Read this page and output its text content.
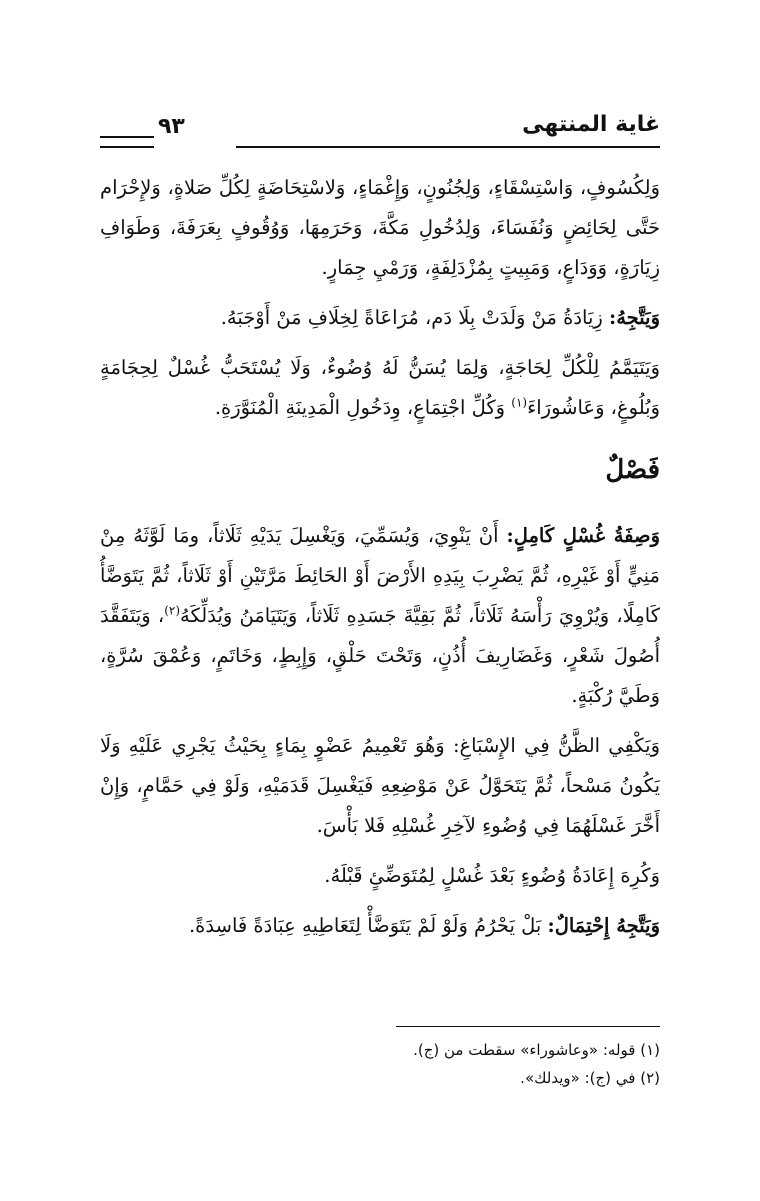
غاية المنتهى
٩٣

وَلِكُسُوفٍ، وَاسْتِسْقَاءٍ، وَلِجُنُونٍ، وَإِغْمَاءٍ، وَلاسْتِحَاضَةٍ لِكُلِّ صَلاةٍ، وَلإِحْرَام حَتَّى لِحَائِضٍ وَنُفَسَاءَ، وَلِدُخُولِ مَكَّةَ، وَحَرَمِهَا، وَوُقُوفٍ بِعَرَفَةَ، وَطَوَافِ زِيَارَةٍ، وَوَدَاعٍ، وَمَبِيتٍ بِمُزْدَلِفَةٍ، وَرَمْيِ جِمَارٍ.

وَيَتَّجِهُ: زِيَادَةُ مَنْ وَلَدَتْ بِلَا دَم، مُرَاعَاةً لِخِلَافِ مَنْ أَوْجَبَهُ.

وَيَتَيَمَّمُ لِلْكُلِّ لِحَاجَةٍ، وَلِمَا يُسَنُّ لَهُ وُضُوءٌ، وَلَا يُسْتَحَبُّ غُسْلٌ لِحِجَامَةٍ وَبُلُوغٍ، وَعَاشُورَاءَ$^{(١)}$ وَكُلِّ اجْتِمَاعٍ، وِدَخُولِ الْمَدِينَةِ الْمُنَوَّرَةِ.

فَصْلٌ

وَصِفَةُ غُسْلٍ كَامِلٍ: أَنْ يَنْوِيَ، وَيُسَمِّيَ، وَيَغْسِلَ يَدَيْهِ ثَلَاثاً، ومَا لَوَّثَهُ مِنْ مَنِيٍّ أَوْ غَيْرِهِ، ثُمَّ يَضْرِبَ بِيَدِهِ الأَرْضَ أَوْ الحَائِطَ مَرَّتَيْنِ أَوْ ثَلَاثاً، ثُمَّ يَتَوَضَّأُ كَامِلًا، وَيُرْوِيَ رَأْسَهُ ثَلَاثاً، ثُمَّ بَقِيَّةَ جَسَدِهِ ثَلَاثاً، وَيَتَيَامَنُ وَيُدَلِّكَهُ$^{(٢)}$، وَيَتَفَقَّدَ أُصُولَ شَعْرٍ، وَغَضَارِيفَ أُذُنٍ، وَتَحْتَ حَلْقٍ، وَإِبِطٍ، وَخَاتَمٍ، وَعُمْقَ سُرَّةٍ، وَطَيَّ رُكْبَةٍ.

وَيَكْفِي الظَّنُّ فِي الإِسْبَاغِ: وَهُوَ تَعْمِيمُ عَضْوٍ بِمَاءٍ بِحَيْثُ يَجْرِي عَلَيْهِ وَلَا يَكُونُ مَسْحاً، ثُمَّ يَتَحَوَّلُ عَنْ مَوْضِعِهِ فَيَغْسِلَ قَدَمَيْهِ، وَلَوْ فِي حَمَّامٍ، وَإِنْ أَخَّرَ غَسْلَهُمَا فِي وُضُوءِ لآخِرِ غُسْلِهِ فَلا بَأْسَ.

وَكُرِهَ إِعَادَةُ وُضُوءٍ بَعْدَ غُسْلٍ لِمُتَوَضِّئٍ قَبْلَهُ.

وَيَتَّجِهُ إِحْتِمَالٌ: بَلْ يَحْرُمُ وَلَوْ لَمْ يَتَوَضَّأْ لِتَعَاطِيهِ عِبَادَةً فَاسِدَةً.

(١) قوله: «وعاشوراء» سقطت من (ج).

(٢) في (ج): «ويدلك».
